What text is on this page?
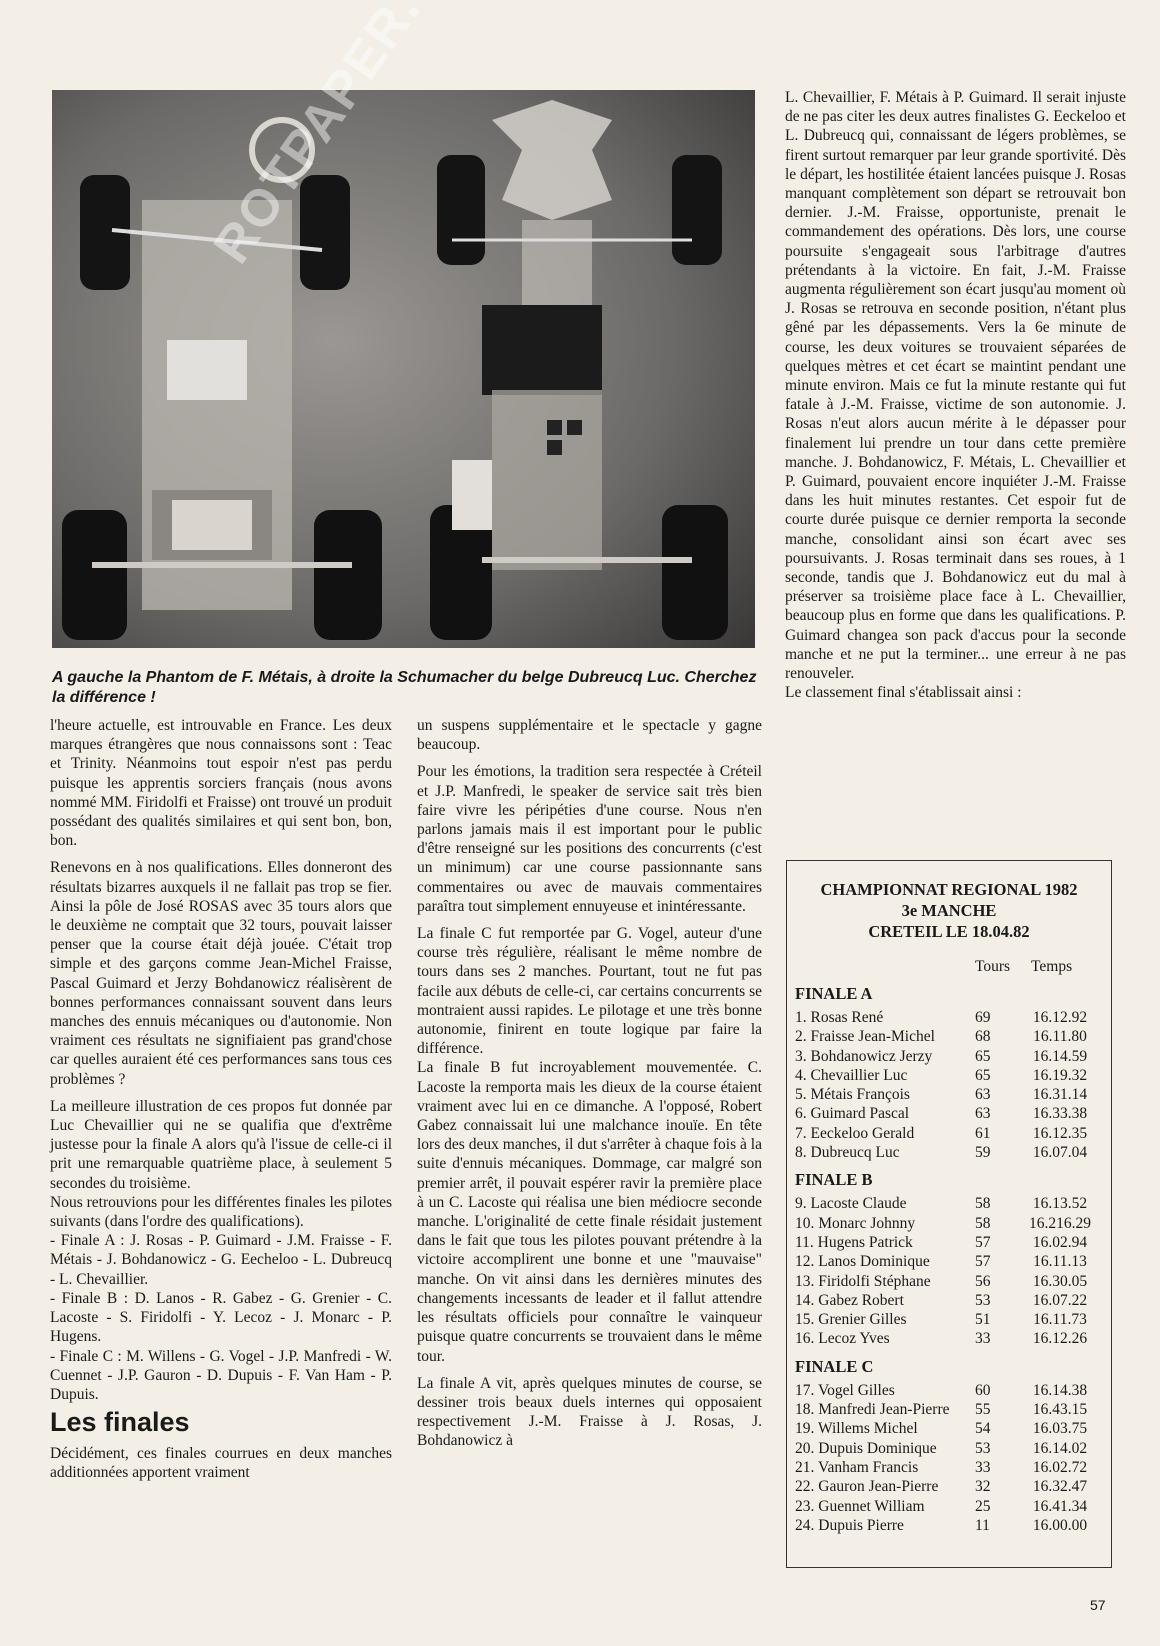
A gauche la Phantom de F. Métais, à droite la Schumacher du belge Dubreucq Luc. Cherchez la différence !

l'heure actuelle, est introuvable en France. Les deux marques étrangères que nous connaissons sont : Teac et Trinity. Néanmoins tout espoir n'est pas perdu puisque les apprentis sorciers français (nous avons nommé MM. Firidolfi et Fraisse) ont trouvé un produit possédant des qualités similaires et qui sent bon, bon, bon.

Renevons en à nos qualifications. Elles donneront des résultats bizarres auxquels il ne fallait pas trop se fier. Ainsi la pôle de José ROSAS avec 35 tours alors que le deuxième ne comptait que 32 tours, pouvait laisser penser que la course était déjà jouée. C'était trop simple et des garçons comme Jean-Michel Fraisse, Pascal Guimard et Jerzy Bohdanowicz réalisèrent de bonnes performances connaissant souvent dans leurs manches des ennuis mécaniques ou d'autonomie. Non vraiment ces résultats ne signifiaient pas grand'chose car quelles auraient été ces performances sans tous ces problèmes ?

La meilleure illustration de ces propos fut donnée par Luc Chevaillier qui ne se qualifia que d'extrême justesse pour la finale A alors qu'à l'issue de celle-ci il prit une remarquable quatrième place, à seulement 5 secondes du troisième.

Nous retrouvions pour les différentes finales les pilotes suivants (dans l'ordre des qualifications).

- Finale A : J. Rosas - P. Guimard - J.M. Fraisse - F. Métais - J. Bohdanowicz - G. Eecheloo - L. Dubreucq - L. Chevaillier.

- Finale B : D. Lanos - R. Gabez - G. Grenier - C. Lacoste - S. Firidolfi - Y. Lecoz - J. Monarc - P. Hugens.

- Finale C : M. Willens - G. Vogel - J.P. Manfredi - W. Cuennet - J.P. Gauron - D. Dupuis - F. Van Ham - P. Dupuis.

Les finales

Décidément, ces finales courrues en deux manches additionnées apportent vraiment

un suspens supplémentaire et le spectacle y gagne beaucoup.

Pour les émotions, la tradition sera respectée à Créteil et J.P. Manfredi, le speaker de service sait très bien faire vivre les péripéties d'une course. Nous n'en parlons jamais mais il est important pour le public d'être renseigné sur les positions des concurrents (c'est un minimum) car une course passionnante sans commentaires ou avec de mauvais commentaires paraîtra tout simplement ennuyeuse et inintéressante.

La finale C fut remportée par G. Vogel, auteur d'une course très régulière, réalisant le même nombre de tours dans ses 2 manches. Pourtant, tout ne fut pas facile aux débuts de celle-ci, car certains concurrents se montraient aussi rapides. Le pilotage et une très bonne autonomie, finirent en toute logique par faire la différence.

La finale B fut incroyablement mouvementée. C. Lacoste la remporta mais les dieux de la course étaient vraiment avec lui en ce dimanche. A l'opposé, Robert Gabez connaissait lui une malchance inouïe. En tête lors des deux manches, il dut s'arrêter à chaque fois à la suite d'ennuis mécaniques. Dommage, car malgré son premier arrêt, il pouvait espérer ravir la première place à un C. Lacoste qui réalisa une bien médiocre seconde manche. L'originalité de cette finale résidait justement dans le fait que tous les pilotes pouvant prétendre à la victoire accomplirent une bonne et une "mauvaise" manche. On vit ainsi dans les dernières minutes des changements incessants de leader et il fallut attendre les résultats officiels pour connaître le vainqueur puisque quatre concurrents se trouvaient dans le même tour.

La finale A vit, après quelques minutes de course, se dessiner trois beaux duels internes qui opposaient respectivement J.-M. Fraisse à J. Rosas, J. Bohdanowicz à

L. Chevaillier, F. Métais à P. Guimard. Il serait injuste de ne pas citer les deux autres finalistes G. Eeckeloo et L. Dubreucq qui, connaissant de légers problèmes, se firent surtout remarquer par leur grande sportivité. Dès le départ, les hostilitée étaient lancées puisque J. Rosas manquant complètement son départ se retrouvait bon dernier. J.-M. Fraisse, opportuniste, prenait le commandement des opérations. Dès lors, une course poursuite s'engageait sous l'arbitrage d'autres prétendants à la victoire. En fait, J.-M. Fraisse augmenta régulièrement son écart jusqu'au moment où J. Rosas se retrouva en seconde position, n'étant plus gêné par les dépassements. Vers la 6e minute de course, les deux voitures se trouvaient séparées de quelques mètres et cet écart se maintint pendant une minute environ. Mais ce fut la minute restante qui fut fatale à J.-M. Fraisse, victime de son autonomie. J. Rosas n'eut alors aucun mérite à le dépasser pour finalement lui prendre un tour dans cette première manche. J. Bohdanowicz, F. Métais, L. Chevaillier et P. Guimard, pouvaient encore inquiéter J.-M. Fraisse dans les huit minutes restantes. Cet espoir fut de courte durée puisque ce dernier remporta la seconde manche, consolidant ainsi son écart avec ses poursuivants. J. Rosas terminait dans ses roues, à 1 seconde, tandis que J. Bohdanowicz eut du mal à préserver sa troisième place face à L. Chevaillier, beaucoup plus en forme que dans les qualifications. P. Guimard changea son pack d'accus pour la seconde manche et ne put la terminer... une erreur à ne pas renouveler.

Le classement final s'établissait ainsi :

CHAMPIONNAT REGIONAL 1982
3e MANCHE
CRETEIL LE 18.04.82
Tours	Temps
FINALE A
1. Rosas René	69	16.12.92
2. Fraisse Jean-Michel	68	16.11.80
3. Bohdanowicz Jerzy	65	16.14.59
4. Chevaillier Luc	65	16.19.32
5. Métais François	63	16.31.14
6. Guimard Pascal	63	16.33.38
7. Eeckeloo Gerald	61	16.12.35
8. Dubreucq Luc	59	16.07.04
FINALE B
9. Lacoste Claude	58	16.13.52
10. Monarc Johnny	58	16.216.29
11. Hugens Patrick	57	16.02.94
12. Lanos Dominique	57	16.11.13
13. Firidolfi Stéphane	56	16.30.05
14. Gabez Robert	53	16.07.22
15. Grenier Gilles	51	16.11.73
16. Lecoz Yves	33	16.12.26
FINALE C
17. Vogel Gilles	60	16.14.38
18. Manfredi Jean-Pierre	55	16.43.15
19. Willems Michel	54	16.03.75
20. Dupuis Dominique	53	16.14.02
21. Vanham Francis	33	16.02.72
22. Gauron Jean-Pierre	32	16.32.47
23. Guennet William	25	16.41.34
24. Dupuis Pierre	11	16.00.00
57
